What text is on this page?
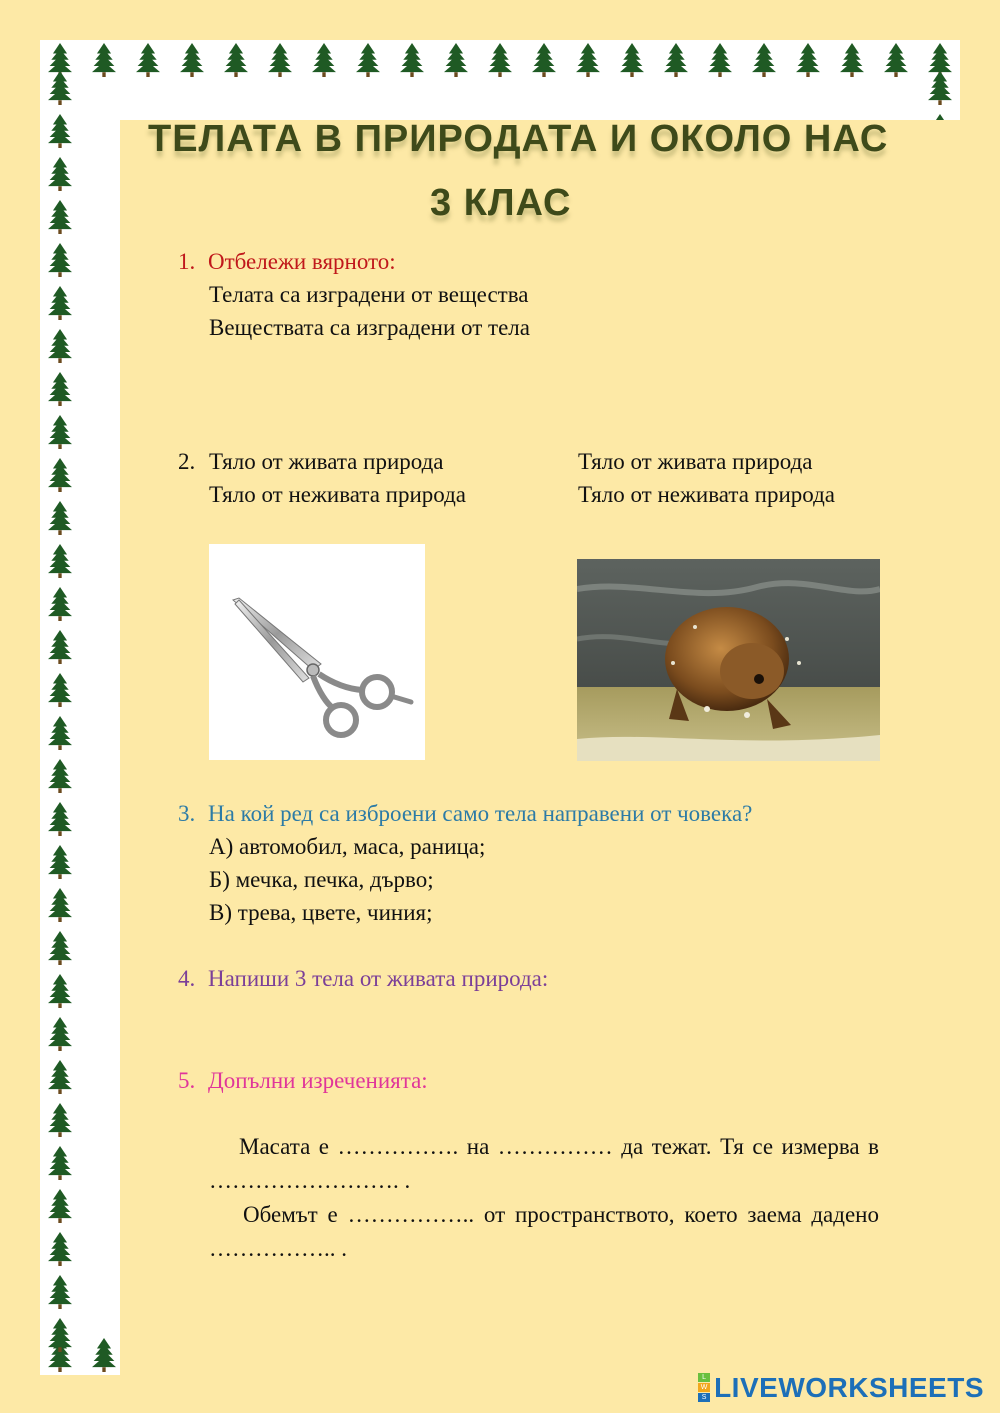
ТЕЛАТА В ПРИРОДАТА И ОКОЛО НАС
3 КЛАС
1. Отбележи вярното:
Телата са изградени от вещества
Веществата са изградени от тела
2. Тяло от живата природа
Тяло от неживата природа
Тяло от живата природа
Тяло от неживата природа
3. На кой ред са изброени само тела направени от човека?
А) автомобил, маса, раница;
Б) мечка, печка, дърво;
В) трева, цвете, чиния;
4. Напиши 3 тела от живата природа:
5. Допълни изреченията:
Масата е ……………. на …………… да тежат. Тя се измерва в ……………………. .
Обемът е …………….. от пространството, което заема дадено …………….. .
L
W
S LIVEWORKSHEETS
